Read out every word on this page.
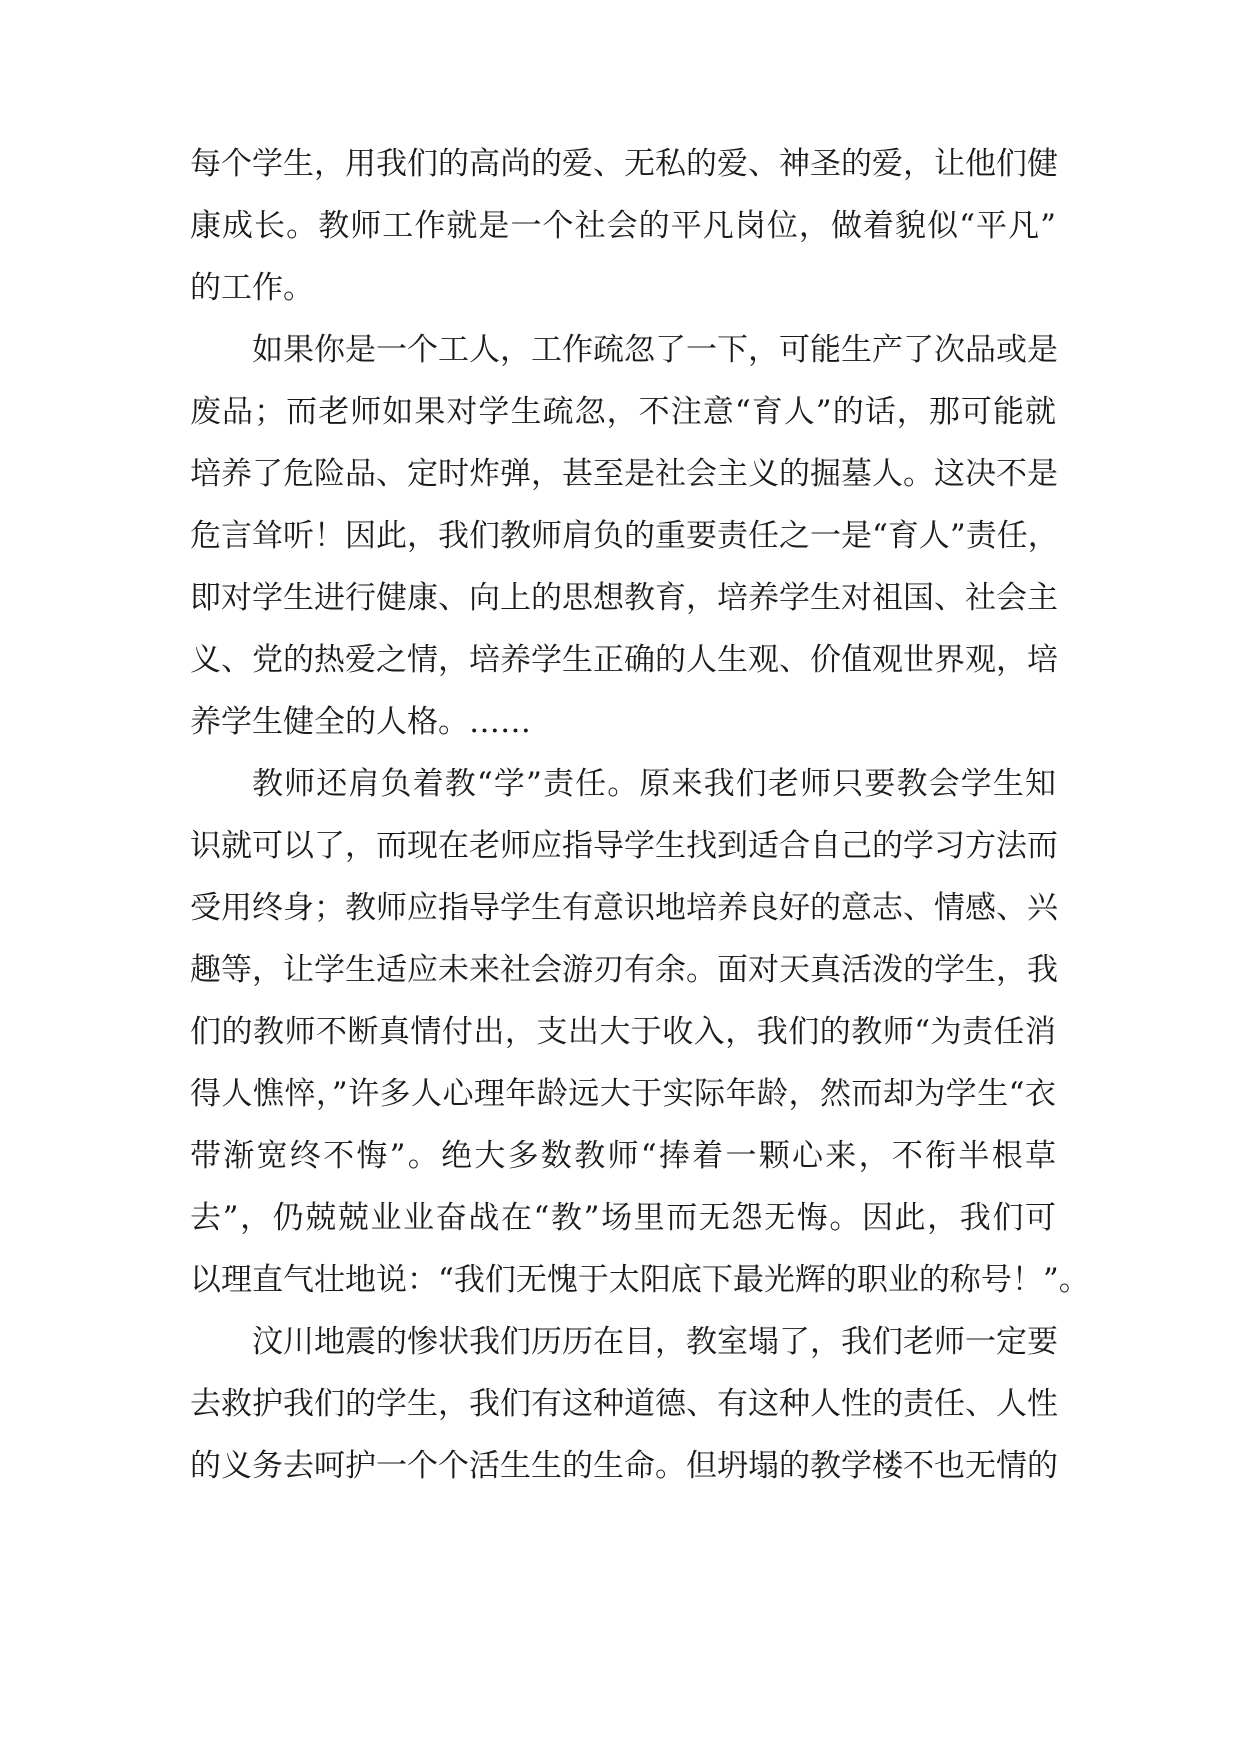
每个学生，用我们的高尚的爱、无私的爱、神圣的爱，让他们健

康成长。教师工作就是一个社会的平凡岗位，做着貌似“平凡”

的工作。

如果你是一个工人，工作疏忽了一下，可能生产了次品或是

废品；而老师如果对学生疏忽，不注意“育人”的话，那可能就

培养了危险品、定时炸弹，甚至是社会主义的掘墓人。这决不是

危言耸听！因此，我们教师肩负的重要责任之一是“育人”责任，

即对学生进行健康、向上的思想教育，培养学生对祖国、社会主

义、党的热爱之情，培养学生正确的人生观、价值观世界观，培

养学生健全的人格。……

教师还肩负着教“学”责任。原来我们老师只要教会学生知

识就可以了，而现在老师应指导学生找到适合自己的学习方法而

受用终身；教师应指导学生有意识地培养良好的意志、情感、兴

趣等，让学生适应未来社会游刃有余。面对天真活泼的学生，我

们的教师不断真情付出，支出大于收入，我们的教师“为责任消

得人憔悴，”许多人心理年龄远大于实际年龄，然而却为学生“衣

带渐宽终不悔”。绝大多数教师“捧着一颗心来，不衔半根草

去”，仍兢兢业业奋战在“教”场里而无怨无悔。因此，我们可

以理直气壮地说：“我们无愧于太阳底下最光辉的职业的称号！”。

汶川地震的惨状我们历历在目，教室塌了，我们老师一定要

去救护我们的学生，我们有这种道德、有这种人性的责任、人性

的义务去呵护一个个活生生的生命。但坍塌的教学楼不也无情的
